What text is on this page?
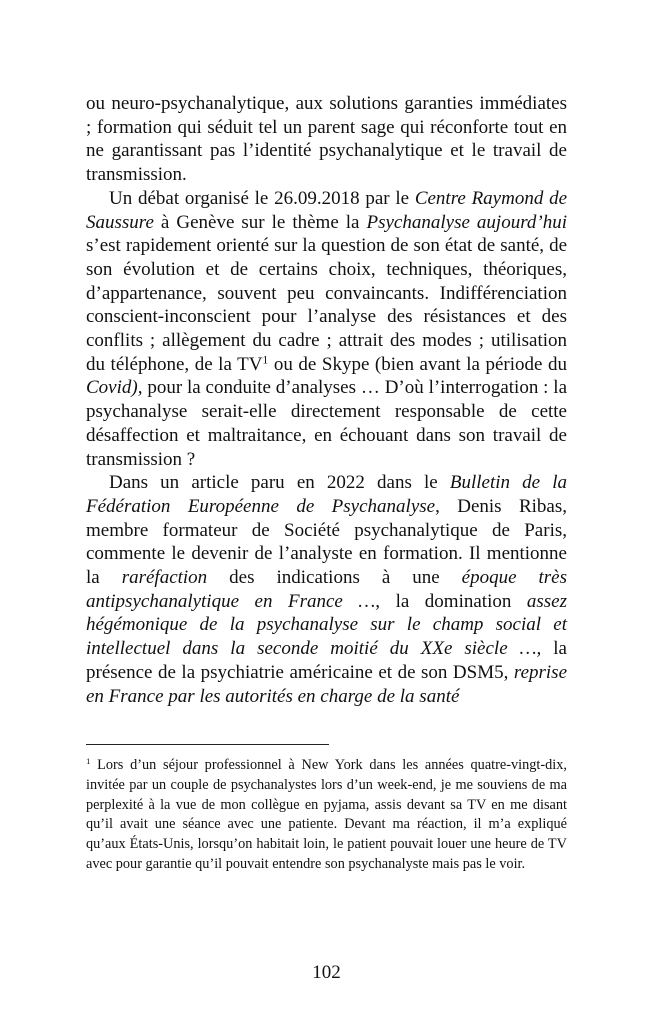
ou neuro-psychanalytique, aux solutions garanties immédiates ; formation qui séduit tel un parent sage qui réconforte tout en ne garantissant pas l’identité psychanalytique et le travail de transmission.

Un débat organisé le 26.09.2018 par le Centre Raymond de Saussure à Genève sur le thème la Psychanalyse aujourd’hui s’est rapidement orienté sur la question de son état de santé, de son évolution et de certains choix, techniques, théoriques, d’appartenance, souvent peu convaincants. Indifférenciation conscient-inconscient pour l’analyse des résistances et des conflits ; allègement du cadre ; attrait des modes ; utilisation du téléphone, de la $TV^1$ ou de Skype (bien avant la période du Covid), pour la conduite d’analyses … D’où l’interrogation : la psychanalyse serait-elle directement responsable de cette désaffection et maltraitance, en échouant dans son travail de transmission ?

Dans un article paru en 2022 dans le Bulletin de la Fédération Européenne de Psychanalyse, Denis Ribas, membre formateur de Société psychanalytique de Paris, commente le devenir de l’analyste en formation. Il mentionne la raréfaction des indications à une époque très antipsychanalytique en France …, la domination assez hégémonique de la psychanalyse sur le champ social et intellectuel dans la seconde moitié du XXe siècle …, la présence de la psychiatrie américaine et de son DSM5, reprise en France par les autorités en charge de la santé

$^1$ Lors d’un séjour professionnel à New York dans les années quatre-vingt-dix, invitée par un couple de psychanalystes lors d’un week-end, je me souviens de ma perplexité à la vue de mon collègue en pyjama, assis devant sa TV en me disant qu’il avait une séance avec une patiente. Devant ma réaction, il m’a expliqué qu’aux États-Unis, lorsqu’on habitait loin, le patient pouvait louer une heure de TV avec pour garantie qu’il pouvait entendre son psychanalyste mais pas le voir.

102
